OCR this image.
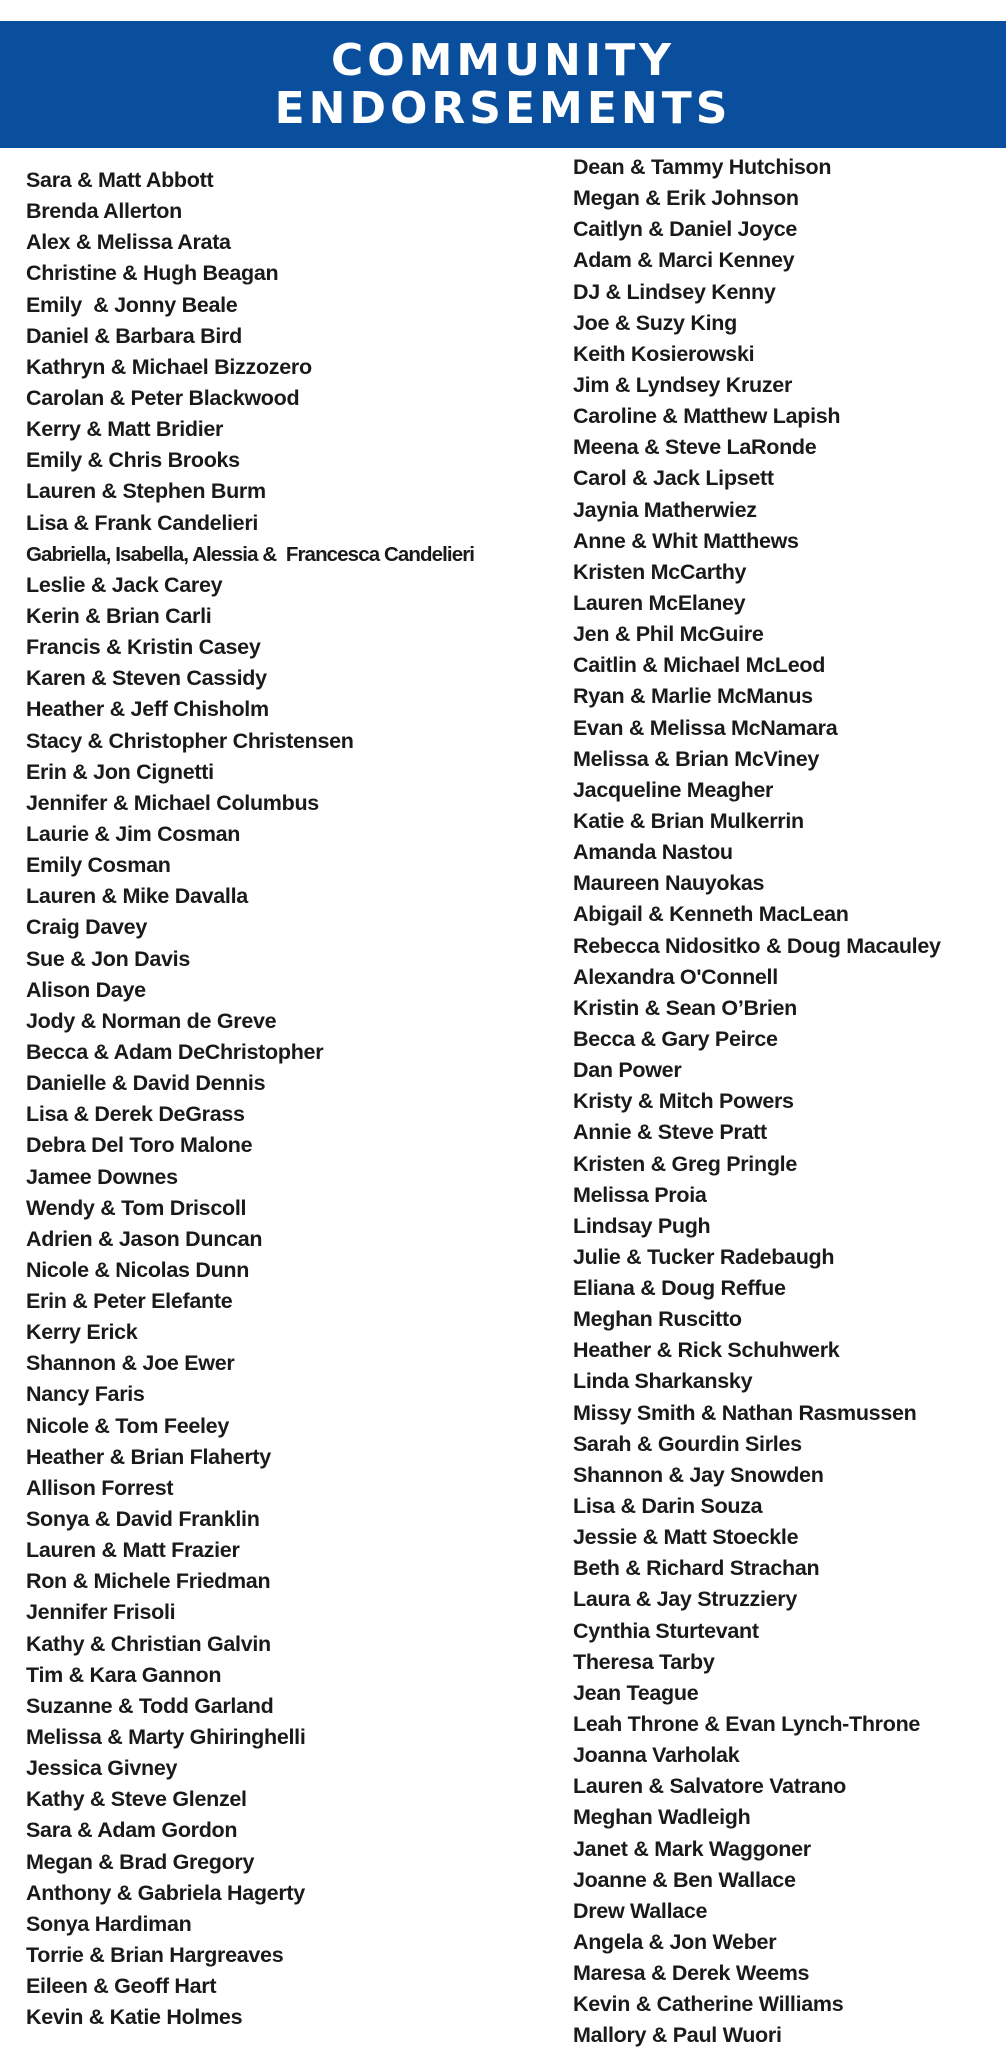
COMMUNITY
ENDORSEMENTS
Sara & Matt Abbott
Brenda Allerton
Alex & Melissa Arata
Christine & Hugh Beagan
Emily  & Jonny Beale
Daniel & Barbara Bird
Kathryn & Michael Bizzozero
Carolan & Peter Blackwood
Kerry & Matt Bridier
Emily & Chris Brooks
Lauren & Stephen Burm
Lisa & Frank Candelieri
Gabriella, Isabella, Alessia &  Francesca Candelieri
Leslie & Jack Carey
Kerin & Brian Carli
Francis & Kristin Casey
Karen & Steven Cassidy
Heather & Jeff Chisholm
Stacy & Christopher Christensen
Erin & Jon Cignetti
Jennifer & Michael Columbus
Laurie & Jim Cosman
Emily Cosman
Lauren & Mike Davalla
Craig Davey
Sue & Jon Davis
Alison Daye
Jody & Norman de Greve
Becca & Adam DeChristopher
Danielle & David Dennis
Lisa & Derek DeGrass
Debra Del Toro Malone
Jamee Downes
Wendy & Tom Driscoll
Adrien & Jason Duncan
Nicole & Nicolas Dunn
Erin & Peter Elefante
Kerry Erick
Shannon & Joe Ewer
Nancy Faris
Nicole & Tom Feeley
Heather & Brian Flaherty
Allison Forrest
Sonya & David Franklin
Lauren & Matt Frazier
Ron & Michele Friedman
Jennifer Frisoli
Kathy & Christian Galvin
Tim & Kara Gannon
Suzanne & Todd Garland
Melissa & Marty Ghiringhelli
Jessica Givney
Kathy & Steve Glenzel
Sara & Adam Gordon
Megan & Brad Gregory
Anthony & Gabriela Hagerty
Sonya Hardiman
Torrie & Brian Hargreaves
Eileen & Geoff Hart
Kevin & Katie Holmes
Dean & Tammy Hutchison
Megan & Erik Johnson
Caitlyn & Daniel Joyce
Adam & Marci Kenney
DJ & Lindsey Kenny
Joe & Suzy King
Keith Kosierowski
Jim & Lyndsey Kruzer
Caroline & Matthew Lapish
Meena & Steve LaRonde
Carol & Jack Lipsett
Jaynia Matherwiez
Anne & Whit Matthews
Kristen McCarthy
Lauren McElaney
Jen & Phil McGuire
Caitlin & Michael McLeod
Ryan & Marlie McManus
Evan & Melissa McNamara
Melissa & Brian McViney
Jacqueline Meagher
Katie & Brian Mulkerrin
Amanda Nastou
Maureen Nauyokas
Abigail & Kenneth MacLean
Rebecca Nidositko & Doug Macauley
Alexandra O'Connell
Kristin & Sean O’Brien
Becca & Gary Peirce
Dan Power
Kristy & Mitch Powers
Annie & Steve Pratt
Kristen & Greg Pringle
Melissa Proia
Lindsay Pugh
Julie & Tucker Radebaugh
Eliana & Doug Reffue
Meghan Ruscitto
Heather & Rick Schuhwerk
Linda Sharkansky
Missy Smith & Nathan Rasmussen
Sarah & Gourdin Sirles
Shannon & Jay Snowden
Lisa & Darin Souza
Jessie & Matt Stoeckle
Beth & Richard Strachan
Laura & Jay Struzziery
Cynthia Sturtevant
Theresa Tarby
Jean Teague
Leah Throne & Evan Lynch-Throne
Joanna Varholak
Lauren & Salvatore Vatrano
Meghan Wadleigh
Janet & Mark Waggoner
Joanne & Ben Wallace
Drew Wallace
Angela & Jon Weber
Maresa & Derek Weems
Kevin & Catherine Williams
Mallory & Paul Wuori
